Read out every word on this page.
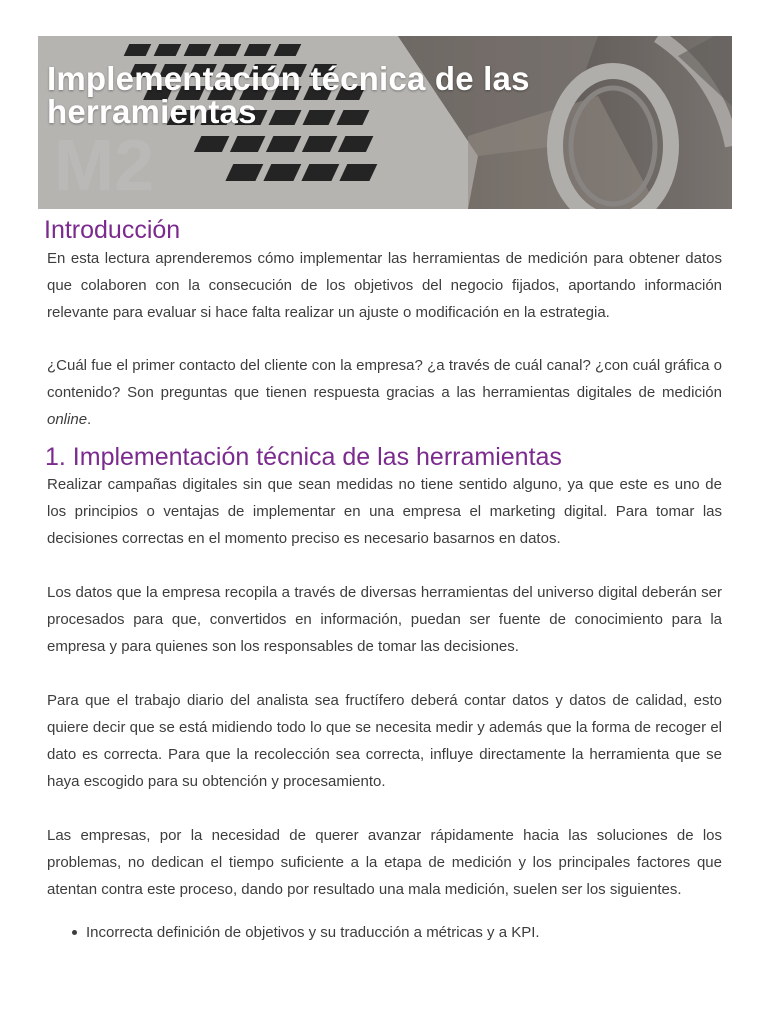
M2
Implementación técnica de las
herramientas
Introducción

En esta lectura aprenderemos cómo implementar las herramientas de medición para obtener datos que colaboren con la consecución de los objetivos del negocio fijados, aportando información relevante para evaluar si hace falta realizar un ajuste o modificación en la estrategia.

¿Cuál fue el primer contacto del cliente con la empresa? ¿a través de cuál canal? ¿con cuál gráfica o contenido? Son preguntas que tienen respuesta gracias a las herramientas digitales de medición online.

1. Implementación técnica de las herramientas

Realizar campañas digitales sin que sean medidas no tiene sentido alguno, ya que este es uno de los principios o ventajas de implementar en una empresa el marketing digital. Para tomar las decisiones correctas en el momento preciso es necesario basarnos en datos.

Los datos que la empresa recopila a través de diversas herramientas del universo digital deberán ser procesados para que, convertidos en información, puedan ser fuente de conocimiento para la empresa y para quienes son los responsables de tomar las decisiones.

Para que el trabajo diario del analista sea fructífero deberá contar datos y datos de calidad, esto quiere decir que se está midiendo todo lo que se necesita medir y además que la forma de recoger el dato es correcta. Para que la recolección sea correcta, influye directamente la herramienta que se haya escogido para su obtención y procesamiento.

Las empresas, por la necesidad de querer avanzar rápidamente hacia las soluciones de los problemas, no dedican el tiempo suficiente a la etapa de medición y los principales factores que atentan contra este proceso, dando por resultado una mala medición, suelen ser los siguientes.

Incorrecta definición de objetivos y su traducción a métricas y a KPI.
